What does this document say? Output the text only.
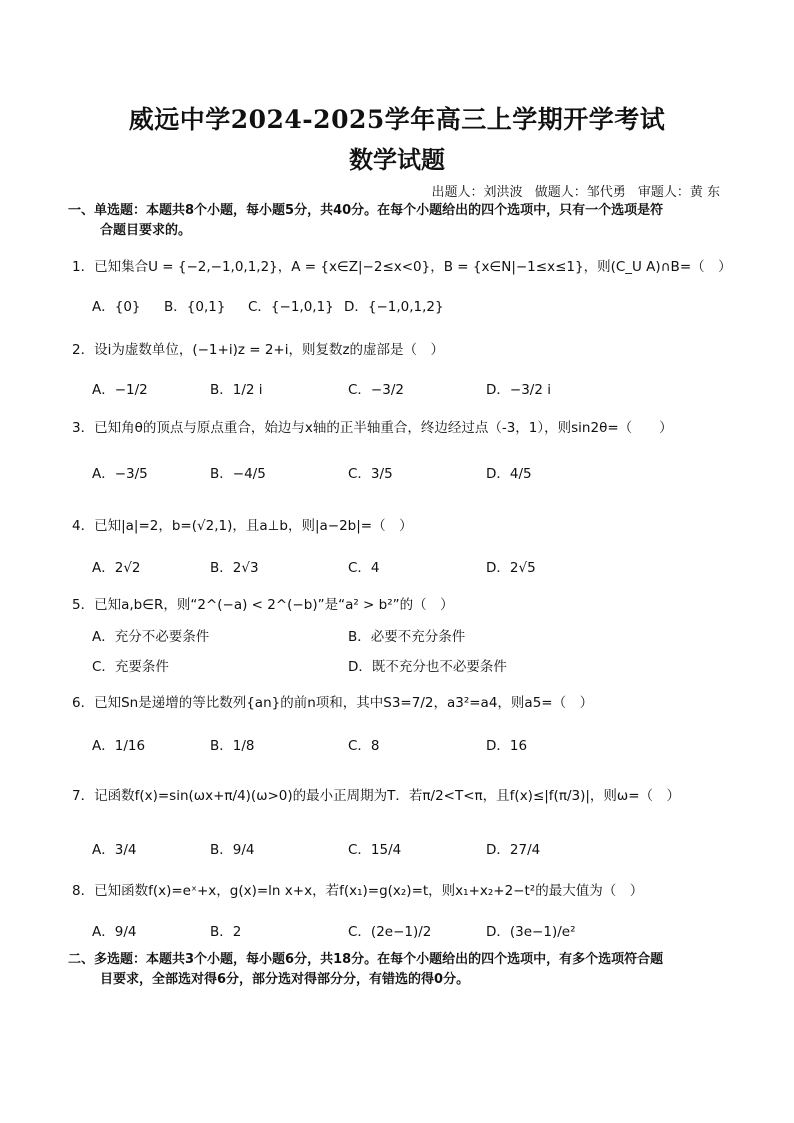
威远中学2024-2025学年高三上学期开学考试
数学试题
出题人：刘洪波 做题人：邹代勇 审题人：黄 东
一、单选题：本题共8个小题，每小题5分，共40分。在每个小题给出的四个选项中，只有一个选项是符
合题目要求的。
1．已知集合U = {−2,−1,0,1,2}，A = {x∈Z|−2≤x<0}，B = {x∈N|−1≤x≤1}，则(C_U A)∩B=（　）
A．{0} B．{0,1} C．{−1,0,1} D．{−1,0,1,2}
2．设i为虚数单位，(−1+i)z = 2+i，则复数z的虚部是（　）
A．−1/2	B．1/2 i	C．−3/2	D．−3/2 i
3．已知角θ的顶点与原点重合，始边与x轴的正半轴重合，终边经过点（-3，1），则sin2θ=（　　）
A．−3/5	B．−4/5	C．3/5	D．4/5
4．已知|a|=2，b=(√2,1)，且a⊥b，则|a−2b|=（　）
A．2√2	B．2√3	C．4	D．2√5
5．已知a,b∈R，则“2^(−a) < 2^(−b)”是“a² > b²”的（　）
A．充分不必要条件	B．必要不充分条件
C．充要条件	D．既不充分也不必要条件
6．已知Sn是递增的等比数列{an}的前n项和，其中S3=7/2，a3²=a4，则a5=（　）
A．1/16	B．1/8	C．8	D．16
7．记函数f(x)=sin(ωx+π/4)(ω>0)的最小正周期为T．若π/2<T<π，且f(x)≤|f(π/3)|，则ω=（　）
A．3/4	B．9/4	C．15/4	D．27/4
8．已知函数f(x)=eˣ+x，g(x)=ln x+x，若f(x₁)=g(x₂)=t，则x₁+x₂+2−t²的最大值为（　）
A．9/4	B．2	C．(2e−1)/2	D．(3e−1)/e²
二、多选题：本题共3个小题，每小题6分，共18分。在每个小题给出的四个选项中，有多个选项符合题
目要求，全部选对得6分，部分选对得部分分，有错选的得0分。
